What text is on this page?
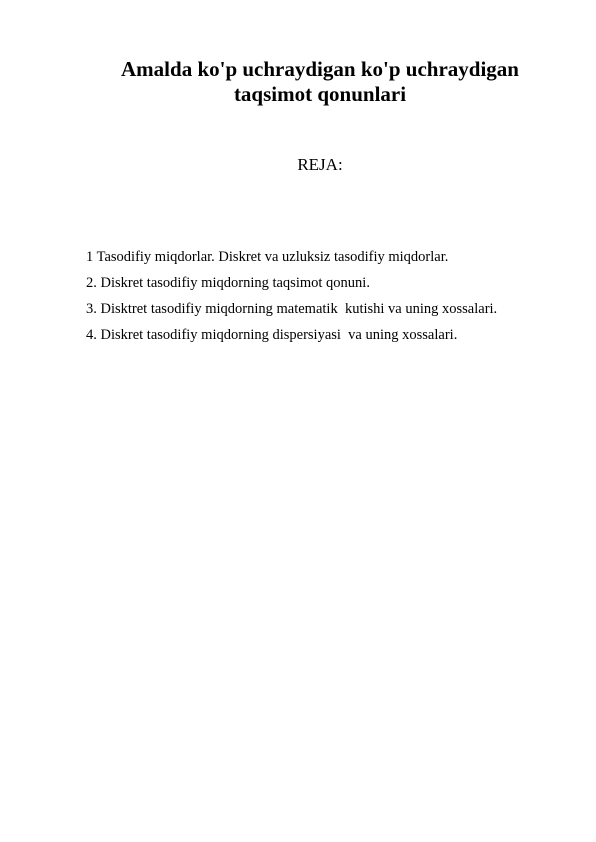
Amalda ko'p uchraydigan ko'p uchraydigan
taqsimot qonunlari

REJA:

1 Tasodifiy miqdorlar. Diskret va uzluksiz tasodifiy miqdorlar.
2. Diskret tasodifiy miqdorning taqsimot qonuni.
3. Disktret tasodifiy miqdorning matematik  kutishi va uning xossalari.
4. Diskret tasodifiy miqdorning dispersiyasi  va uning xossalari.
